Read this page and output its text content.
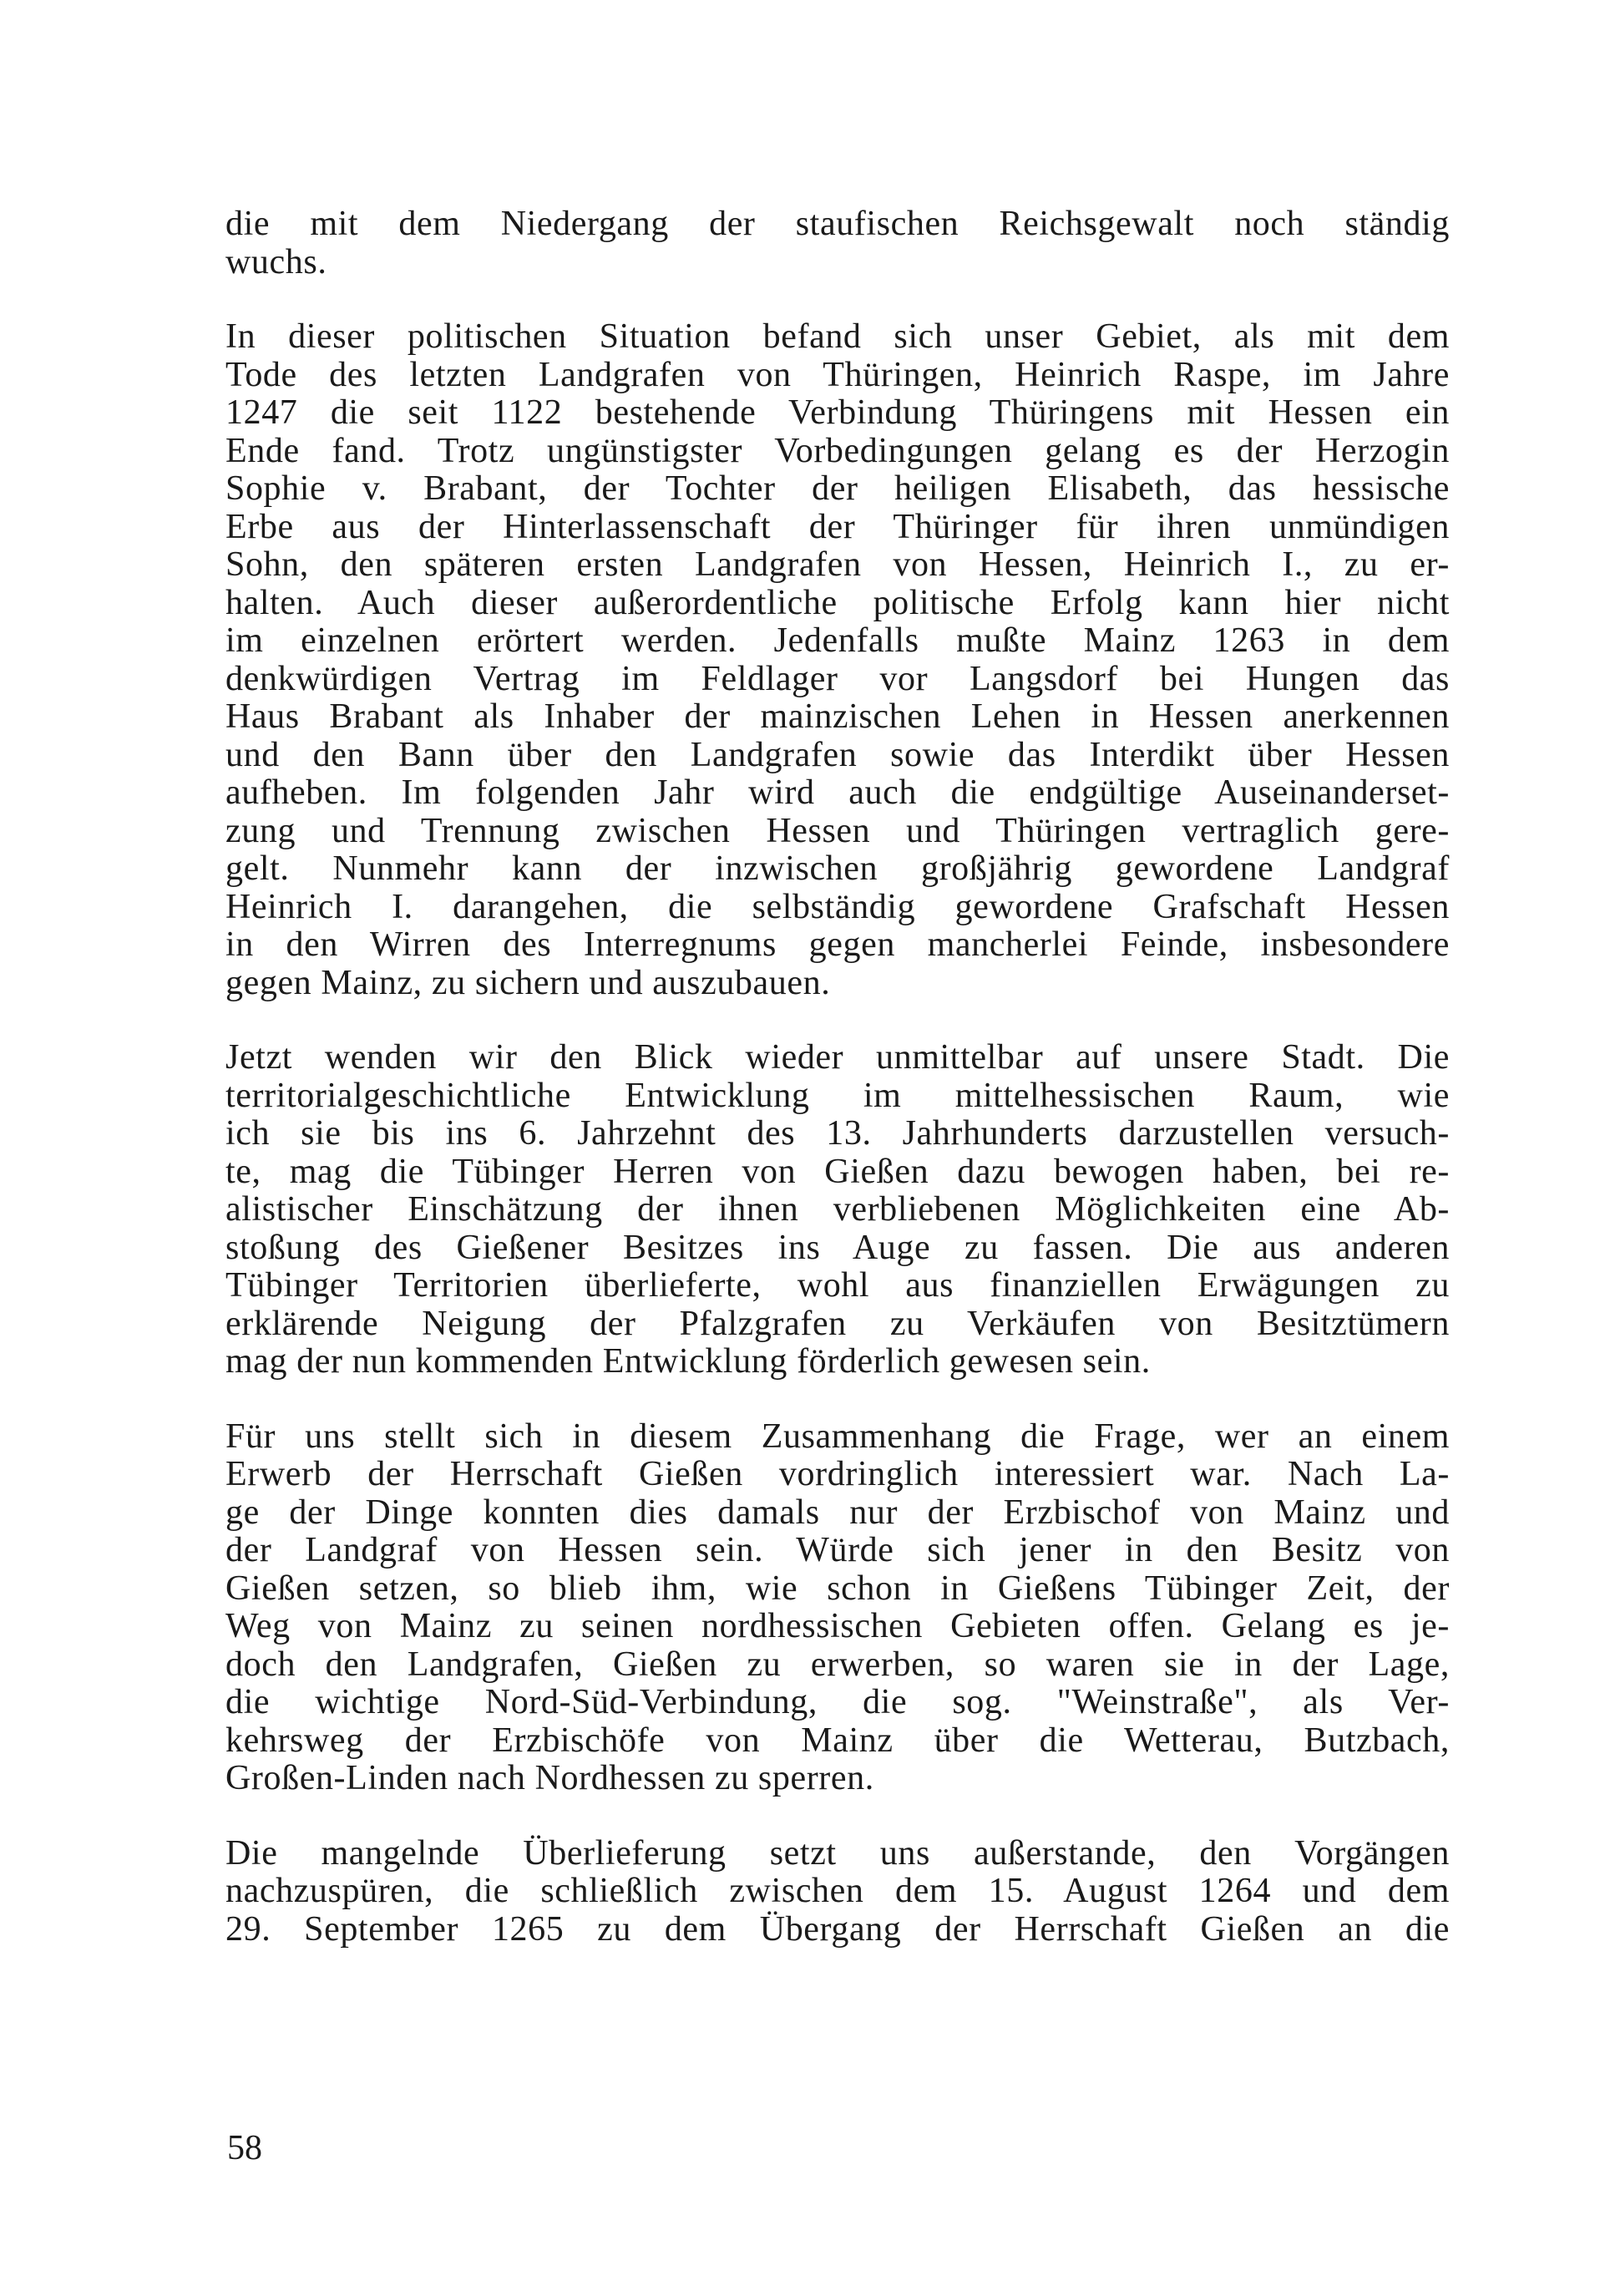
die mit dem Niedergang der staufischen Reichsgewalt noch ständig
wuchs.
In dieser politischen Situation befand sich unser Gebiet, als mit dem
Tode des letzten Landgrafen von Thüringen, Heinrich Raspe, im Jahre
1247 die seit 1122 bestehende Verbindung Thüringens mit Hessen ein
Ende fand. Trotz ungünstigster Vorbedingungen gelang es der Herzogin
Sophie v. Brabant, der Tochter der heiligen Elisabeth, das hessische
Erbe aus der Hinterlassenschaft der Thüringer für ihren unmündigen
Sohn, den späteren ersten Landgrafen von Hessen, Heinrich I., zu er-
halten. Auch dieser außerordentliche politische Erfolg kann hier nicht
im einzelnen erörtert werden. Jedenfalls mußte Mainz 1263 in dem
denkwürdigen Vertrag im Feldlager vor Langsdorf bei Hungen das
Haus Brabant als Inhaber der mainzischen Lehen in Hessen anerkennen
und den Bann über den Landgrafen sowie das Interdikt über Hessen
aufheben. Im folgenden Jahr wird auch die endgültige Auseinanderset-
zung und Trennung zwischen Hessen und Thüringen vertraglich gere-
gelt. Nunmehr kann der inzwischen großjährig gewordene Landgraf
Heinrich I. darangehen, die selbständig gewordene Grafschaft Hessen
in den Wirren des Interregnums gegen mancherlei Feinde, insbesondere
gegen Mainz, zu sichern und auszubauen.
Jetzt wenden wir den Blick wieder unmittelbar auf unsere Stadt. Die
territorialgeschichtliche Entwicklung im mittelhessischen Raum, wie
ich sie bis ins 6. Jahrzehnt des 13. Jahrhunderts darzustellen versuch-
te, mag die Tübinger Herren von Gießen dazu bewogen haben, bei re-
alistischer Einschätzung der ihnen verbliebenen Möglichkeiten eine Ab-
stoßung des Gießener Besitzes ins Auge zu fassen. Die aus anderen
Tübinger Territorien überlieferte, wohl aus finanziellen Erwägungen zu
erklärende Neigung der Pfalzgrafen zu Verkäufen von Besitztümern
mag der nun kommenden Entwicklung förderlich gewesen sein.
Für uns stellt sich in diesem Zusammenhang die Frage, wer an einem
Erwerb der Herrschaft Gießen vordringlich interessiert war. Nach La-
ge der Dinge konnten dies damals nur der Erzbischof von Mainz und
der Landgraf von Hessen sein. Würde sich jener in den Besitz von
Gießen setzen, so blieb ihm, wie schon in Gießens Tübinger Zeit, der
Weg von Mainz zu seinen nordhessischen Gebieten offen. Gelang es je-
doch den Landgrafen, Gießen zu erwerben, so waren sie in der Lage,
die wichtige Nord-Süd-Verbindung, die sog. "Weinstraße", als Ver-
kehrsweg der Erzbischöfe von Mainz über die Wetterau, Butzbach,
Großen-Linden nach Nordhessen zu sperren.
Die mangelnde Überlieferung setzt uns außerstande, den Vorgängen
nachzuspüren, die schließlich zwischen dem 15. August 1264 und dem
29. September 1265 zu dem Übergang der Herrschaft Gießen an die
58
